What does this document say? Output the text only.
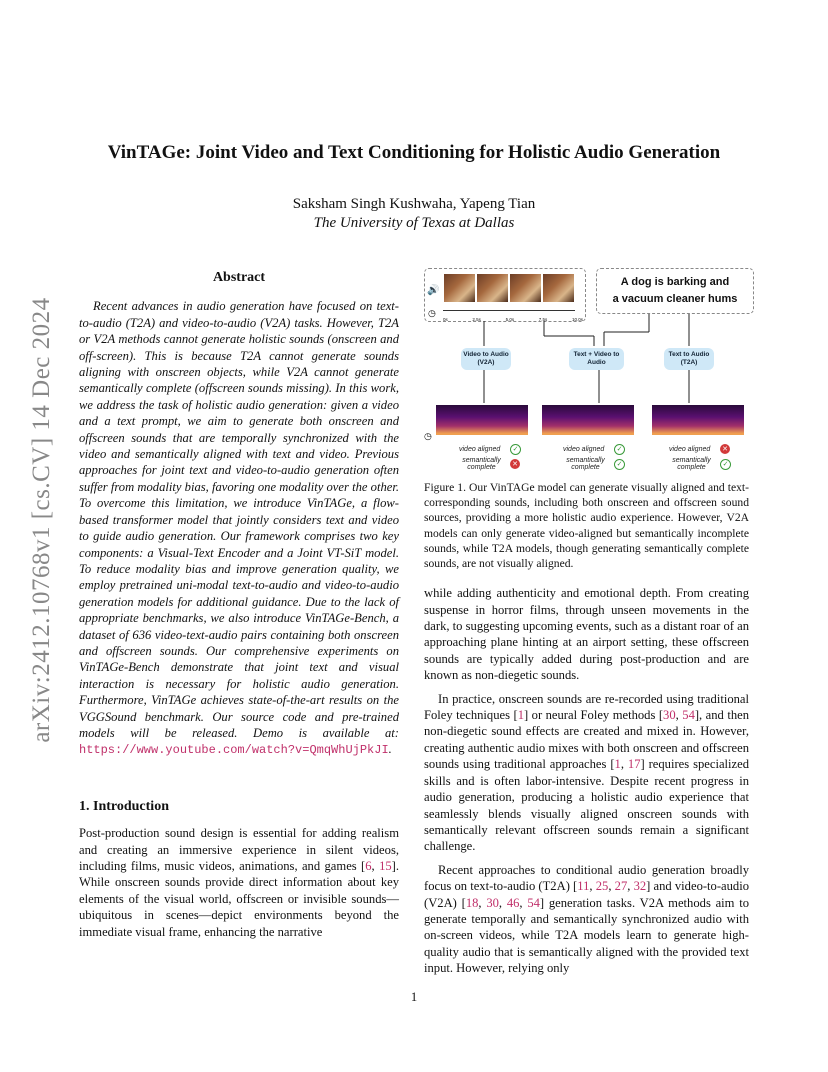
arXiv:2412.10768v1 [cs.CV] 14 Dec 2024
VinTAGe: Joint Video and Text Conditioning for Holistic Audio Generation
Saksham Singh Kushwaha, Yapeng Tian
The University of Texas at Dallas
Abstract

Recent advances in audio generation have focused on text-to-audio (T2A) and video-to-audio (V2A) tasks. However, T2A or V2A methods cannot generate holistic sounds (onscreen and off-screen). This is because T2A cannot generate sounds aligning with onscreen objects, while V2A cannot generate semantically complete (offscreen sounds missing). In this work, we address the task of holistic audio generation: given a video and a text prompt, we aim to generate both onscreen and offscreen sounds that are temporally synchronized with the video and semantically aligned with text and video. Previous approaches for joint text and video-to-audio generation often suffer from modality bias, favoring one modality over the other. To overcome this limitation, we introduce VinTAGe, a flow-based transformer model that jointly considers text and video to guide audio generation. Our framework comprises two key components: a Visual-Text Encoder and a Joint VT-SiT model. To reduce modality bias and improve generation quality, we employ pretrained uni-modal text-to-audio and video-to-audio generation models for additional guidance. Due to the lack of appropriate benchmarks, we also introduce VinTAGe-Bench, a dataset of 636 video-text-audio pairs containing both onscreen and offscreen sounds. Our comprehensive experiments on VinTAGe-Bench demonstrate that joint text and visual interaction is necessary for holistic audio generation. Furthermore, VinTAGe achieves state-of-the-art results on the VGGSound benchmark. Our source code and pre-trained models will be released. Demo is available at: https://www.youtube.com/watch?v=QmqWhUjPkJI.

1. Introduction

Post-production sound design is essential for adding realism and creating an immersive experience in silent videos, including films, music videos, animations, and games [6, 15]. While onscreen sounds provide direct information about key elements of the visual world, offscreen or invisible sounds—ubiquitous in scenes—depict environments beyond the immediate visual frame, enhancing the narrative

🔊
◷
0s	2.5s	5.0s	7.5s	10.0s
A dog is barking and
a vacuum cleaner hums
Video to Audio (V2A)
Text + Video to Audio
Text to Audio (T2A)
◷
video aligned	✓
semantically complete	✕
video aligned	✓
semantically complete	✓
video aligned ✕
semantically complete	✓

Figure 1. Our VinTAGe model can generate visually aligned and text-corresponding sounds, including both onscreen and offscreen sound sources, providing a more holistic audio experience. However, V2A models can only generate video-aligned but semantically incomplete sounds, while T2A models, though generating semantically complete sounds, are not visually aligned.

while adding authenticity and emotional depth. From creating suspense in horror films, through unseen movements in the dark, to suggesting upcoming events, such as a distant roar of an approaching plane hinting at an airport setting, these offscreen sounds are typically added during post-production and are known as non-diegetic sounds.

In practice, onscreen sounds are re-recorded using traditional Foley techniques [1] or neural Foley methods [30, 54], and then non-diegetic sound effects are created and mixed in. However, creating authentic audio mixes with both onscreen and offscreen sounds using traditional approaches [1, 17] requires specialized skills and is often labor-intensive. Despite recent progress in audio generation, producing a holistic audio experience that seamlessly blends visually aligned onscreen sounds with semantically relevant offscreen sounds remain a significant challenge.

Recent approaches to conditional audio generation broadly focus on text-to-audio (T2A) [11, 25, 27, 32] and video-to-audio (V2A) [18, 30, 46, 54] generation tasks. V2A methods aim to generate temporally and semantically synchronized audio with on-screen videos, while T2A models learn to generate high-quality audio that is semantically aligned with the provided text input. However, relying only

1
